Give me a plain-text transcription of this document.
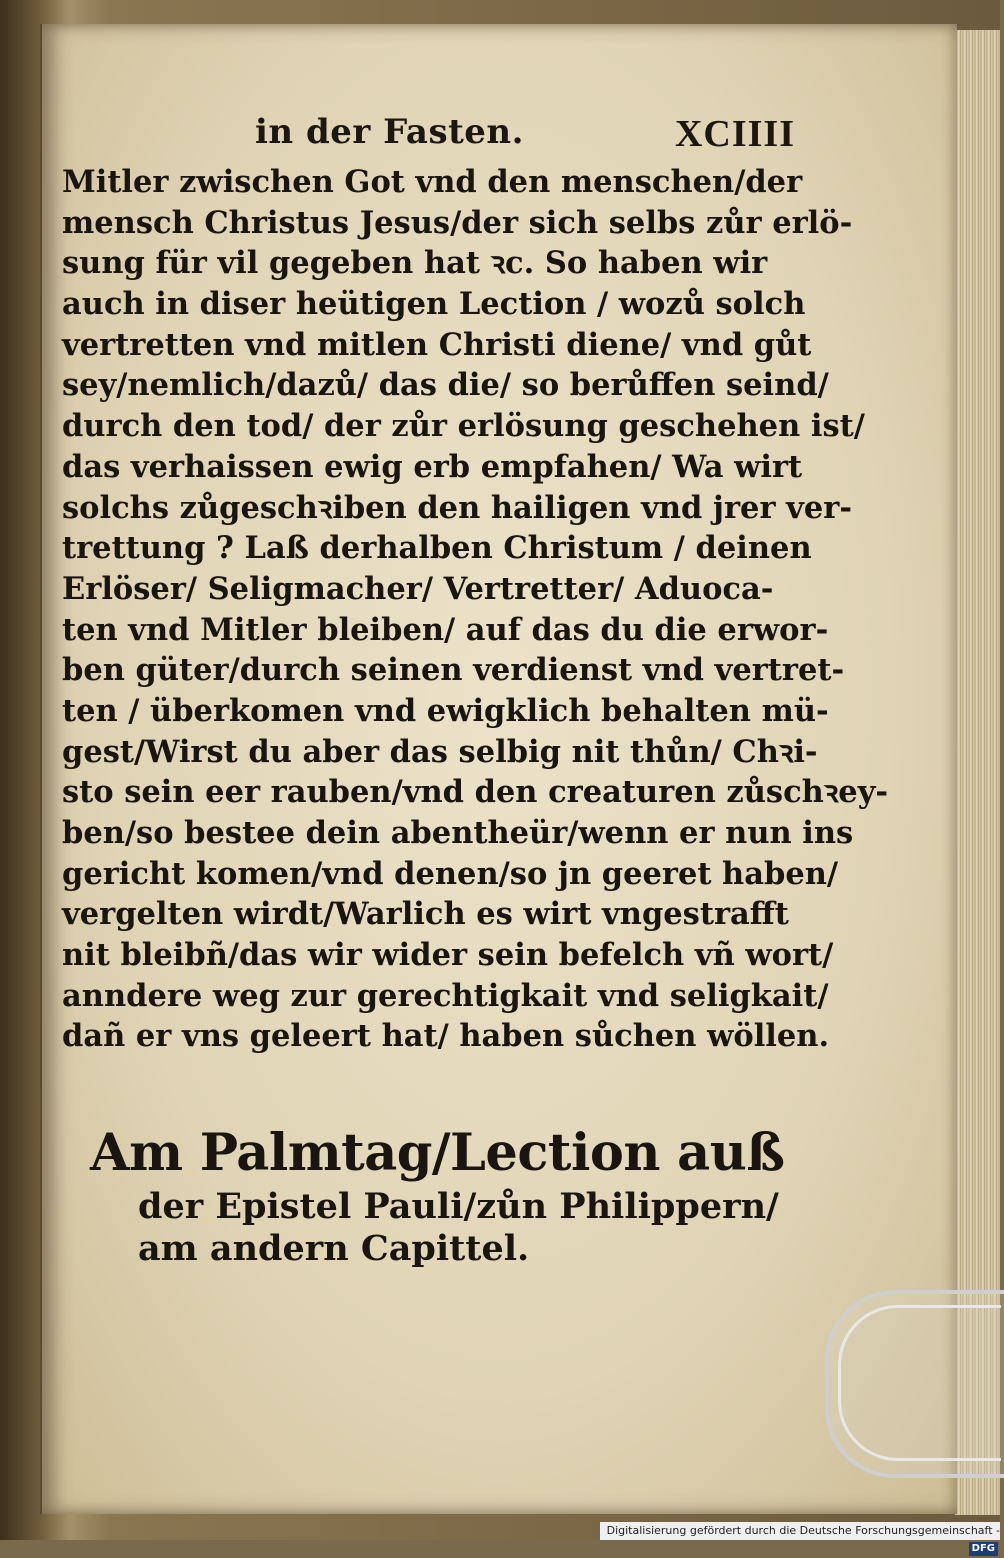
in der Fasten.	XCIIII
Mitler zwischen Got vnd den menschen/der
mensch Christus Jesus/der sich selbs zůr erlö-
sung für vil gegeben hat ꝛc. So haben wir
auch in diser heütigen Lection / wozů solch
vertretten vnd mitlen Christi diene/ vnd gůt
sey/nemlich/dazů/ das die/ so berůffen seind/
durch den tod/ der zůr erlösung geschehen ist/
das verhaissen ewig erb empfahen/ Wa wirt
solchs zůgeschꝛiben den hailigen vnd jrer ver-
trettung ? Laß derhalben Christum / deinen
Erlöser/ Seligmacher/ Vertretter/ Aduoca-
ten vnd Mitler bleiben/ auf das du die erwor-
ben güter/durch seinen verdienst vnd vertret-
ten / überkomen vnd ewigklich behalten mü-
gest/Wirst du aber das selbig nit thůn/ Chꝛi-
sto sein eer rauben/vnd den creaturen zůschꝛey-
ben/so bestee dein abentheür/wenn er nun ins
gericht komen/vnd denen/so jn geeret haben/
vergelten wirdt/Warlich es wirt vngestrafft
nit bleibñ/das wir wider sein befelch vñ wort/
anndere weg zur gerechtigkait vnd seligkait/
dañ er vns geleert hat/ haben sůchen wöllen.
Am Palmtag/Lection auß
der Epistel Pauli/zůn Philippern/
am andern Capittel.
Digitalisierung gefördert durch die Deutsche Forschungsgemeinschaft -DFG
